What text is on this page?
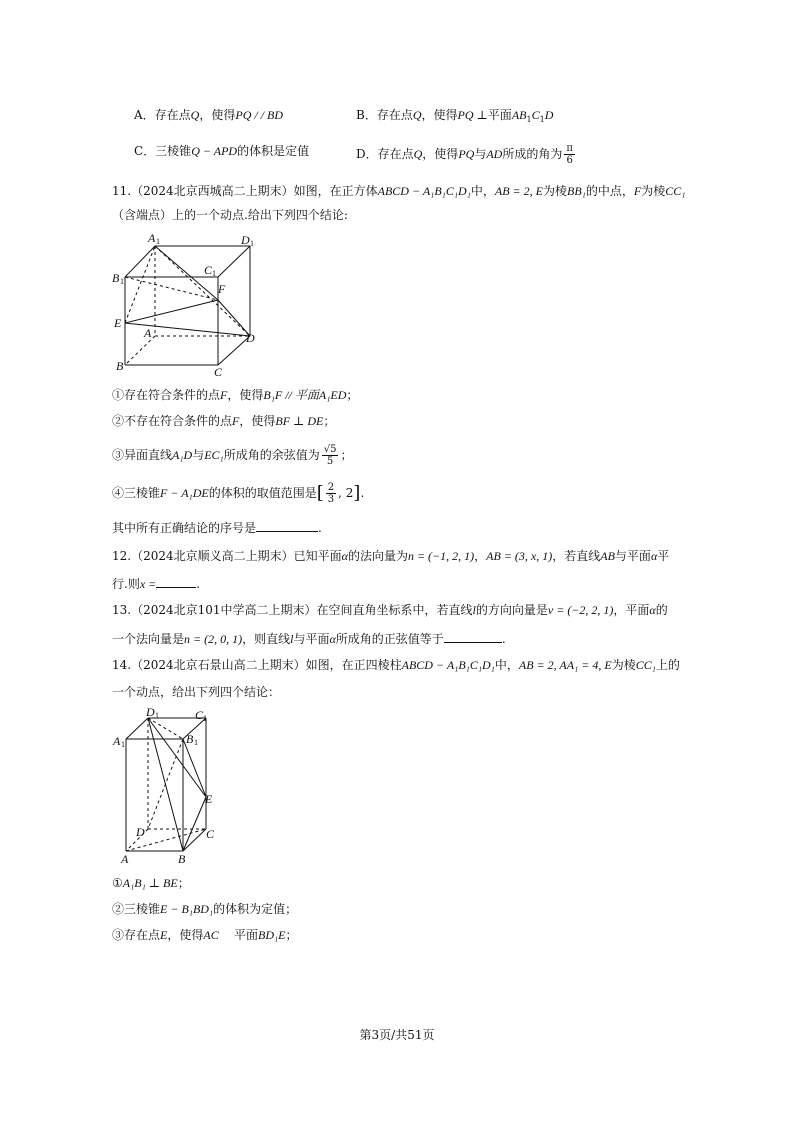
A．存在点Q，使得PQ / / BD	B．存在点Q，使得PQ ⊥平面$AB_1C_1D$
C．三棱锥Q − APD的体积是定值	D．存在点Q，使得PQ与AD所成的角为 $\frac{\pi}{6}$
11.（2024北京西城高二上期末）如图，在正方体ABCD − A₁B₁C₁D₁中，AB = 2, E为棱BB₁的中点，F为棱CC₁
（含端点）上的一个动点.给出下列四个结论:
A 1	D 1
B 1
C 1
F
E
A	D
B	C
①存在符合条件的点F，使得B₁F // 平面A₁ED；
②不存在符合条件的点F，使得BF ⊥ DE；
③异面直线A₁D与EC₁所成角的余弦值为 $\frac{√5}{5}$ ；
④三棱锥F − A₁DE的体积的取值范围是[ $\frac{2}{3}$ , 2].
其中所有正确结论的序号是	.
12.（2024北京顺义高二上期末）已知平面α的法向量为n = (−1, 2, 1)，AB = (3, x, 1)，若直线AB与平面α平
行.则x =	.
13.（2024北京101中学高二上期末）在空间直角坐标系中，若直线l的方向向量是v = (−2, 2, 1)，平面α的
一个法向量是n = (2, 0, 1)，则直线l与平面α所成角的正弦值等于	.
14.（2024北京石景山高二上期末）如图，在正四棱柱ABCD − A₁B₁C₁D₁中，AB = 2, AA₁ = 4, E为棱CC₁上的
一个动点，给出下列四个结论：
D 1	C 1
A 1	B 1
E
D	C
A	B
①A₁B₁ ⊥ BE；
②三棱锥E − B₁BD₁的体积为定值；
③存在点E，使得AC 平面BD₁E；
第3页/共51页
